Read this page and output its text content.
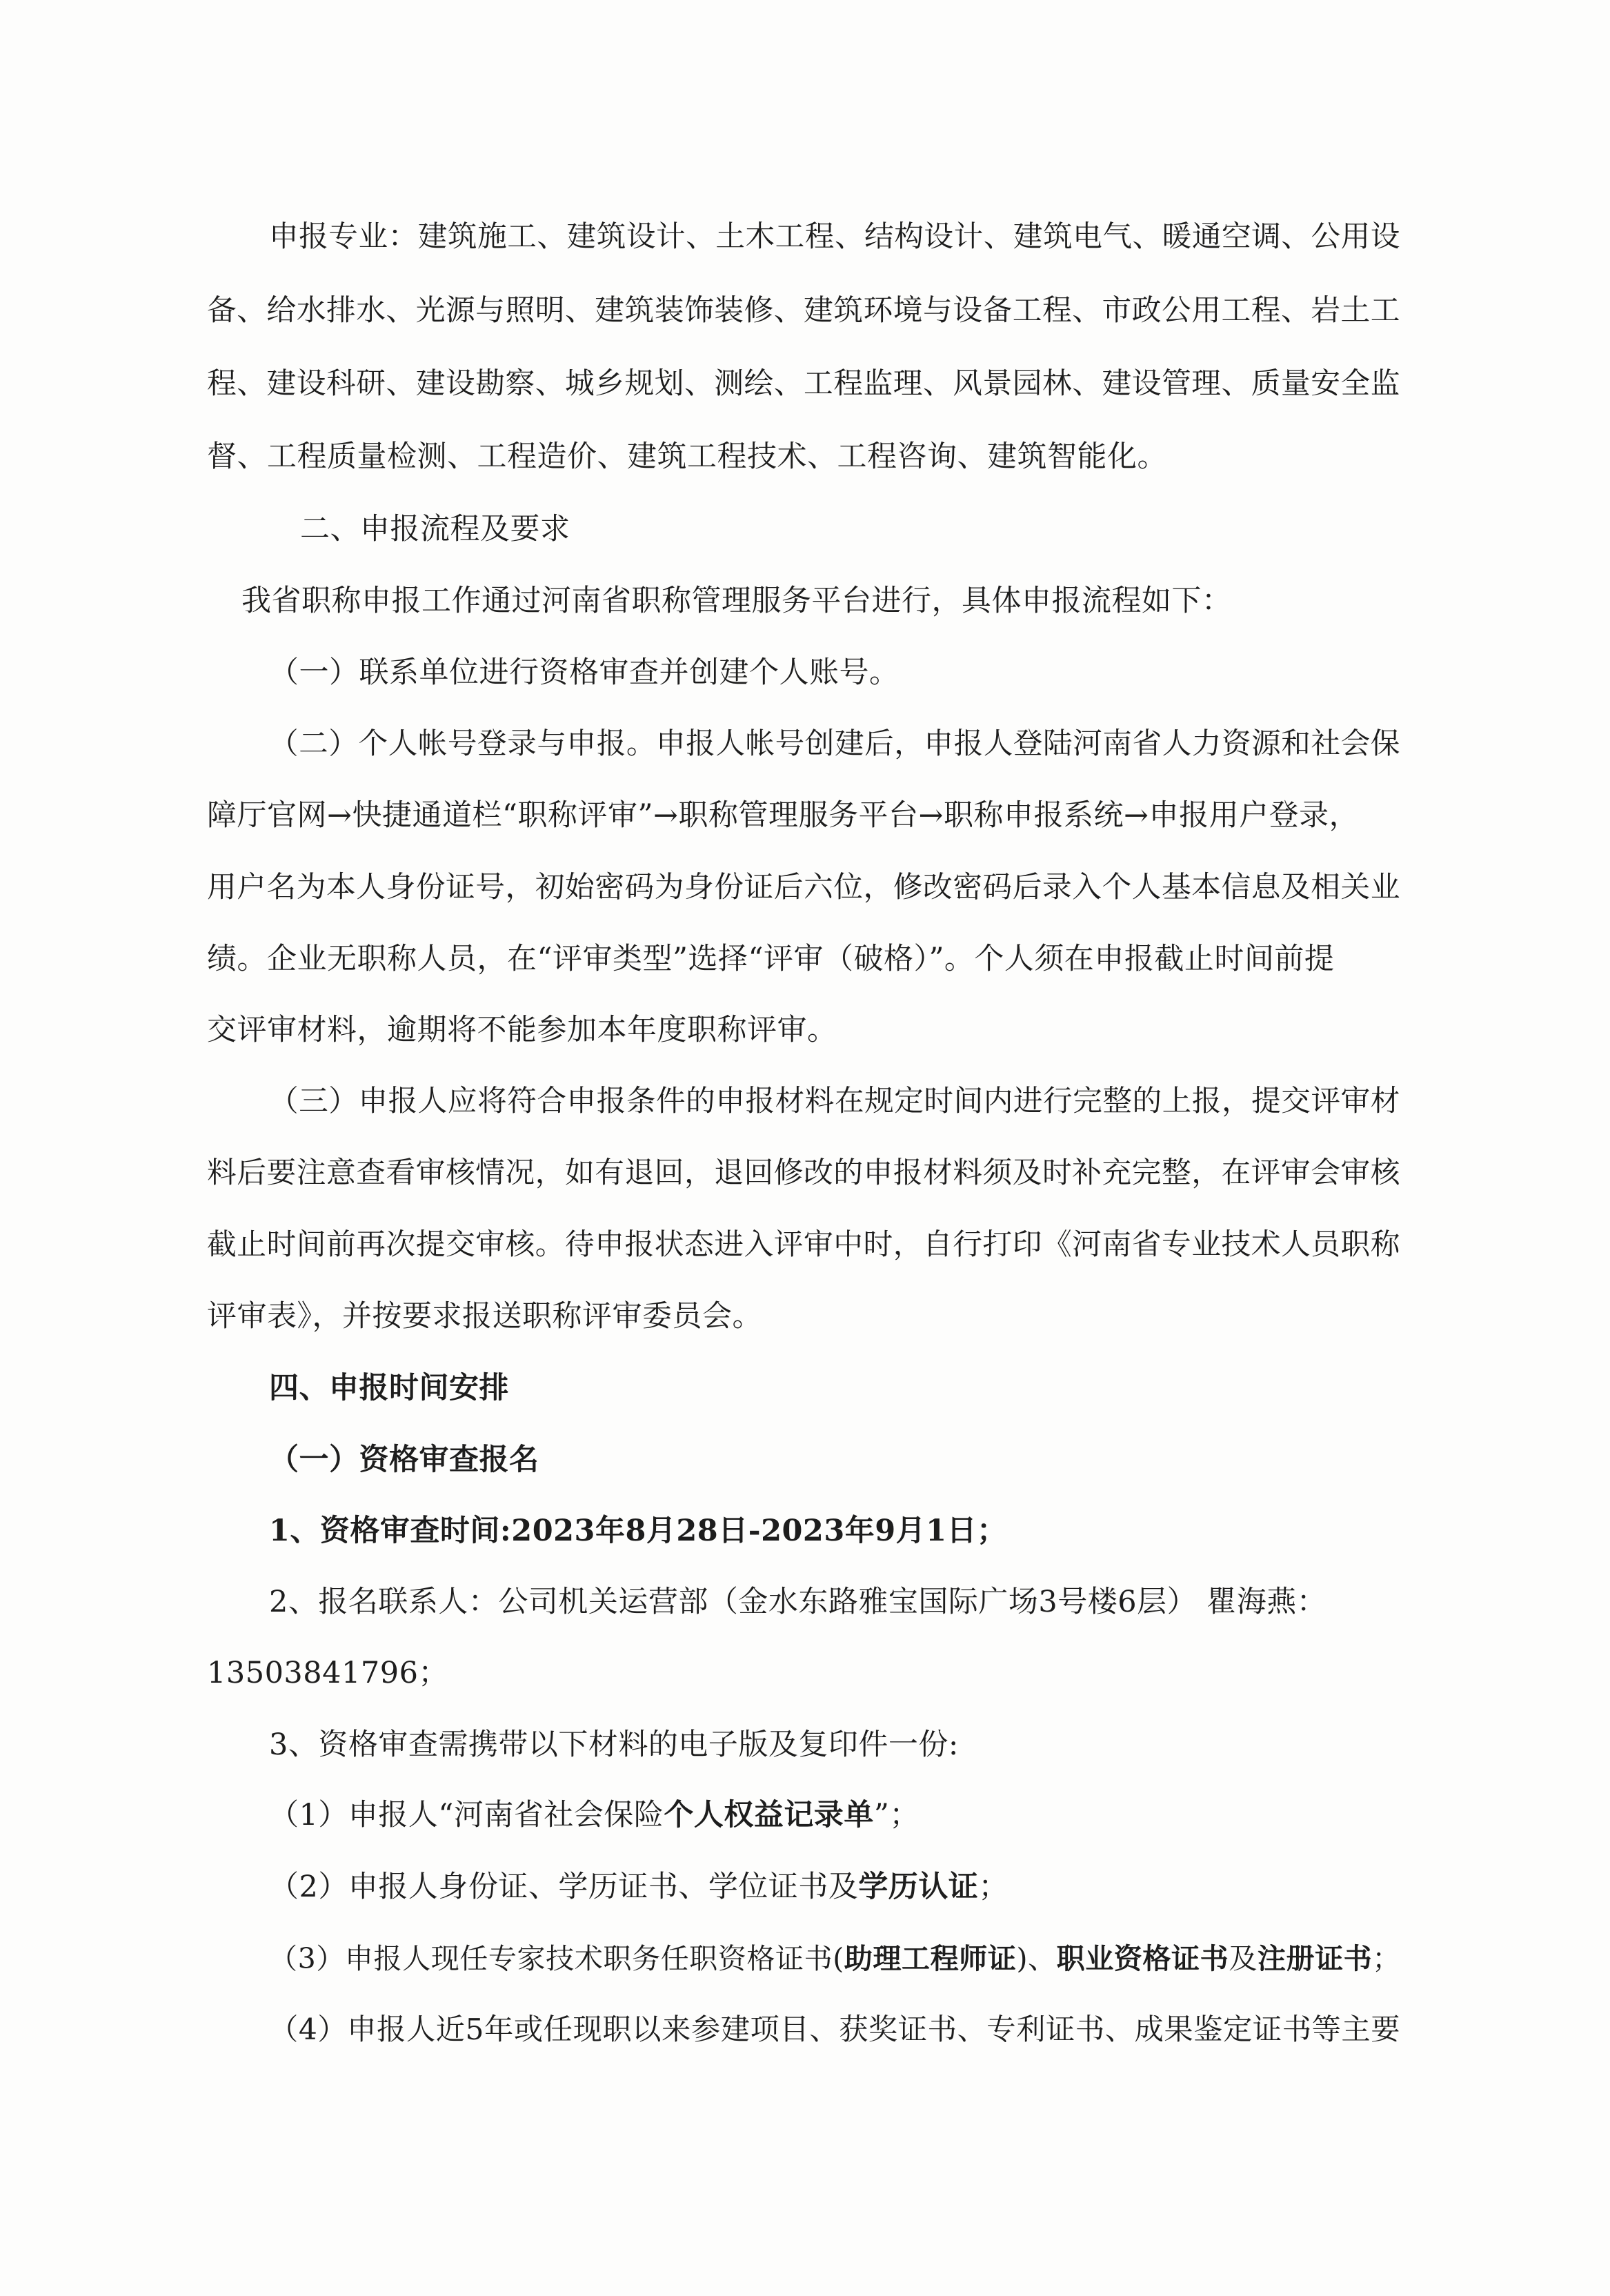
申报专业：建筑施工、建筑设计、土木工程、结构设计、建筑电气、暖通空调、公用设
备、给水排水、光源与照明、建筑装饰装修、建筑环境与设备工程、市政公用工程、岩土工
程、建设科研、建设勘察、城乡规划、测绘、工程监理、风景园林、建设管理、质量安全监
督、工程质量检测、工程造价、建筑工程技术、工程咨询、建筑智能化。
二、申报流程及要求
我省职称申报工作通过河南省职称管理服务平台进行，具体申报流程如下：
（一）联系单位进行资格审查并创建个人账号。
（二）个人帐号登录与申报。申报人帐号创建后，申报人登陆河南省人力资源和社会保
障厅官网→快捷通道栏“职称评审”→职称管理服务平台→职称申报系统→申报用户登录，
用户名为本人身份证号，初始密码为身份证后六位，修改密码后录入个人基本信息及相关业
绩。企业无职称人员，在“评审类型”选择“评审（破格）”。个人须在申报截止时间前提
交评审材料，逾期将不能参加本年度职称评审。
（三）申报人应将符合申报条件的申报材料在规定时间内进行完整的上报，提交评审材
料后要注意查看审核情况，如有退回，退回修改的申报材料须及时补充完整，在评审会审核
截止时间前再次提交审核。待申报状态进入评审中时，自行打印《河南省专业技术人员职称
评审表》，并按要求报送职称评审委员会。
四、申报时间安排
（一）资格审查报名
1、资格审查时间:2023年8月28日-2023年9月1日；
2、报名联系人：公司机关运营部（金水东路雅宝国际广场3号楼6层） 瞿海燕：
13503841796；
3、资格审查需携带以下材料的电子版及复印件一份:
（1）申报人“河南省社会保险个人权益记录单”；
（2）申报人身份证、学历证书、学位证书及学历认证；
（3）申报人现任专家技术职务任职资格证书(助理工程师证)、职业资格证书及注册证书；
（4）申报人近5年或任现职以来参建项目、获奖证书、专利证书、成果鉴定证书等主要
